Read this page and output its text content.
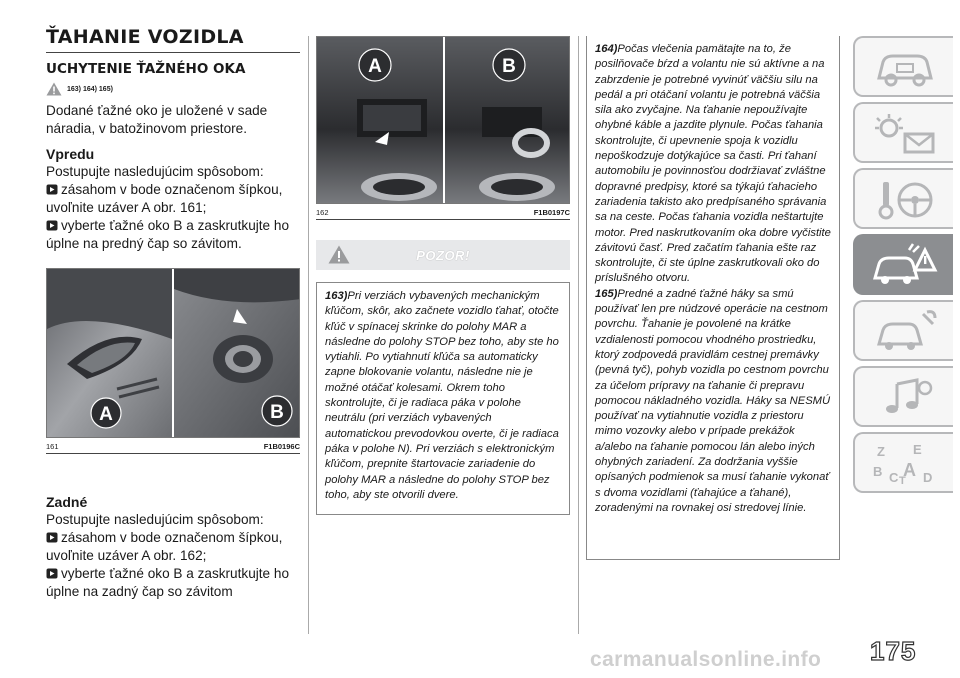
ŤAHANIE VOZIDLA
UCHYTENIE ŤAŽNÉHO OKA
163) 164) 165)

Dodané ťažné oko je uložené v sade náradia, v batožinovom priestore.

Vpredu

Postupujte nasledujúcim spôsobom:

zásahom v bode označenom šípkou, uvoľnite uzáver A obr. 161;

vyberte ťažné oko B a zaskrutkujte ho úplne na predný čap so závitom.

A	B
161	F1B0196C
Zadné

Postupujte nasledujúcim spôsobom:

zásahom v bode označenom šípkou, uvoľnite uzáver A obr. 162;

vyberte ťažné oko B a zaskrutkujte ho úplne na zadný čap so závitom

A	B
162	F1B0197C
POZOR!

163)Pri verziách vybavených mechanickým kľúčom, skôr, ako začnete vozidlo ťahať, otočte kľúč v spínacej skrinke do polohy MAR a následne do polohy STOP bez toho, aby ste ho vytiahli. Po vytiahnutí kľúča sa automaticky zapne blokovanie volantu, následne nie je možné otáčať kolesami. Okrem toho skontrolujte, či je radiaca páka v polohe neutrálu (pri verziách vybavených automatickou prevodovkou overte, či je radiaca páka v polohe N). Pri verziách s elektronickým kľúčom, prepnite štartovacie zariadenie do polohy MAR a následne do polohy STOP bez toho, aby ste otvorili dvere.

164)Počas vlečenia pamätajte na to, že posilňovače bŕzd a volantu nie sú aktívne a na zabrzdenie je potrebné vyvinúť väčšiu silu na pedál a pri otáčaní volantu je potrebná väčšia sila ako zvyčajne. Na ťahanie nepoužívajte ohybné káble a jazdite plynule. Počas ťahania skontrolujte, či upevnenie spoja k vozidlu nepoškodzuje dotýkajúce sa časti. Pri ťahaní automobilu je povinnosťou dodržiavať zvláštne dopravné predpisy, ktoré sa týkajú ťahacieho zariadenia takisto ako predpísaného správania sa na ceste. Počas ťahania vozidla neštartujte motor. Pred naskrutkovaním oka dobre vyčistite závitovú časť. Pred začatím ťahania ešte raz skontrolujte, či ste úplne zaskrutkovali oko do príslušného otvoru.

165)Predné a zadné ťažné háky sa smú používať len pre núdzové operácie na cestnom povrchu. Ťahanie je povolené na krátke vzdialenosti pomocou vhodného prostriedku, ktorý zodpovedá pravidlám cestnej premávky (pevná tyč), pohyb vozidla po cestnom povrchu za účelom prípravy na ťahanie či prepravu pomocou nákladného vozidla. Háky sa NESMÚ používať na vytiahnutie vozidla z priestoru mimo vozovky alebo v prípade prekážok a/alebo na ťahanie pomocou lán alebo iných ohybných zariadení. Za dodržania vyššie opísaných podmienok sa musí ťahanie vykonať s dvoma vozidlami (ťahajúce a ťahané), zoradenými na rovnakej osi stredovej línie.

Z E
B A
C T D
carmanualsonline.info 175
